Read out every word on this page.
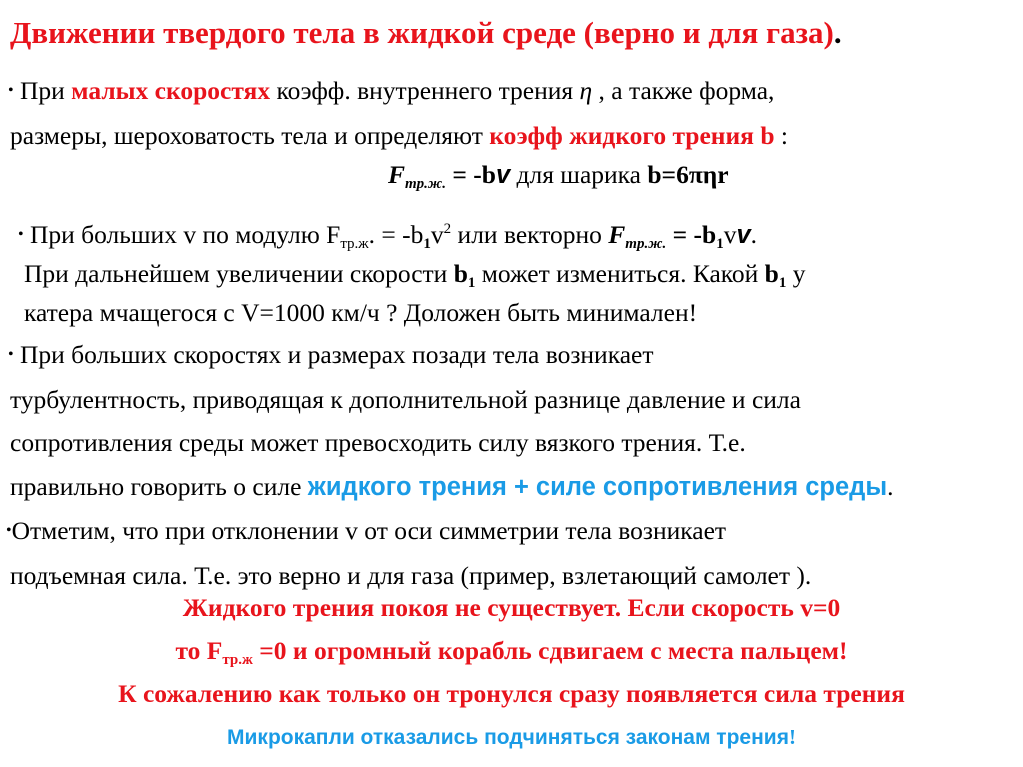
Движении твердого тела в жидкой среде (верно и для газа).
• При малых скоростях коэфф. внутреннего трения η , а также форма,
размеры, шероховатость тела и определяют коэфф жидкого трения b :
$F_{тр.ж.} = -bv$ для шарика b=6πηr
• При больших v по модулю $F_{тр.ж}$. = $-b_1v^2$ или векторно $F_{тр.ж.} = -b_1vv$.
При дальнейшем увеличении скорости $b_1$ может измениться. Какой $b_1$ у
катера мчащегося с V=1000 км/ч ? Доложен быть минимален!
• При больших скоростях и размерах позади тела возникает
турбулентность, приводящая к дополнительной разнице давление и сила
сопротивления среды может превосходить силу вязкого трения. Т.е.
правильно говорить о силе жидкого трения + силе сопротивления среды.
•Отметим, что при отклонении v от оси симметрии тела возникает
подъемная сила. Т.е. это верно и для газа (пример, взлетающий самолет ).
Жидкого трения покоя не существует. Если скорость v=0
то $F_{тр.ж} =0$ и огромный корабль сдвигаем с места пальцем!
К сожалению как только он тронулся сразу появляется сила трения
Микрокапли отказались подчиняться законам трения!
